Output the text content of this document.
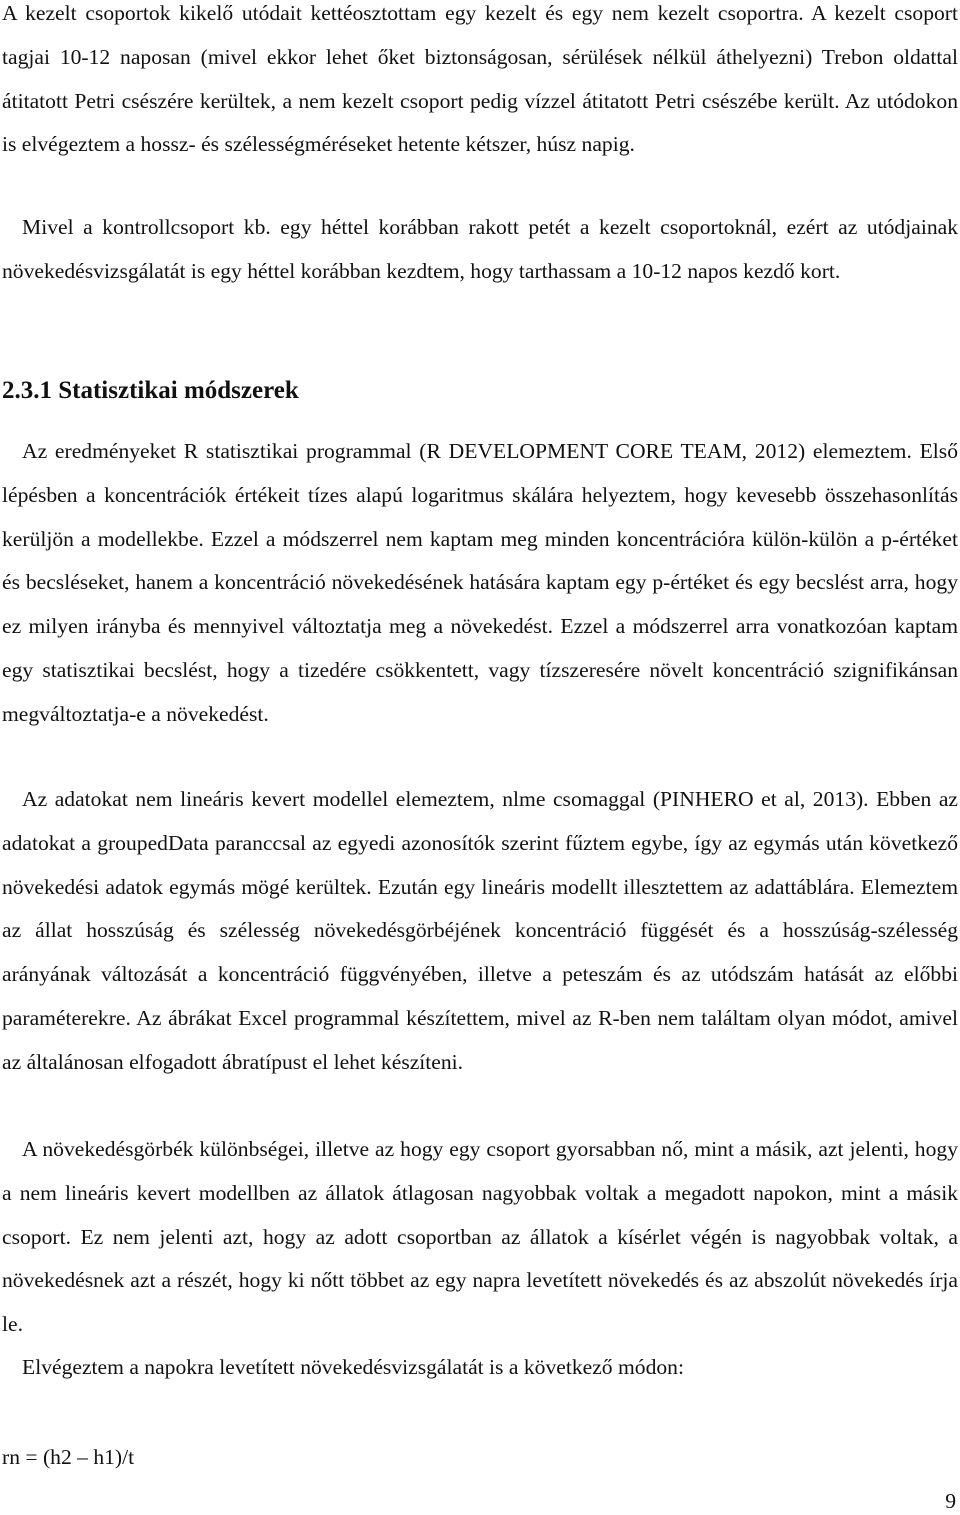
A kezelt csoportok kikelő utódait kettéosztottam egy kezelt és egy nem kezelt csoportra. A kezelt csoport tagjai 10-12 naposan (mivel ekkor lehet őket biztonságosan, sérülések nélkül áthelyezni) Trebon oldattal átitatott Petri csészére kerültek, a nem kezelt csoport pedig vízzel átitatott Petri csészébe került. Az utódokon is elvégeztem a hossz- és szélességméréseket hetente kétszer, húsz napig.

Mivel a kontrollcsoport kb. egy héttel korábban rakott petét a kezelt csoportoknál, ezért az utódjainak növekedésvizsgálatát is egy héttel korábban kezdtem, hogy tarthassam a 10-12 napos kezdő kort.

2.3.1 Statisztikai módszerek

Az eredményeket R statisztikai programmal (R DEVELOPMENT CORE TEAM, 2012) elemeztem. Első lépésben a koncentrációk értékeit tízes alapú logaritmus skálára helyeztem, hogy kevesebb összehasonlítás kerüljön a modellekbe. Ezzel a módszerrel nem kaptam meg minden koncentrációra külön-külön a p-értéket és becsléseket, hanem a koncentráció növekedésének hatására kaptam egy p-értéket és egy becslést arra, hogy ez milyen irányba és mennyivel változtatja meg a növekedést. Ezzel a módszerrel arra vonatkozóan kaptam egy statisztikai becslést, hogy a tizedére csökkentett, vagy tízszeresére növelt koncentráció szignifikánsan megváltoztatja-e a növekedést.

Az adatokat nem lineáris kevert modellel elemeztem, nlme csomaggal (PINHERO et al, 2013). Ebben az adatokat a groupedData paranccsal az egyedi azonosítók szerint fűztem egybe, így az egymás után következő növekedési adatok egymás mögé kerültek. Ezután egy lineáris modellt illesztettem az adattáblára. Elemeztem az állat hosszúság és szélesség növekedésgörbéjének koncentráció függését és a hosszúság-szélesség arányának változását a koncentráció függvényében, illetve a peteszám és az utódszám hatását az előbbi paraméterekre. Az ábrákat Excel programmal készítettem, mivel az R-ben nem találtam olyan módot, amivel az általánosan elfogadott ábratípust el lehet készíteni.

A növekedésgörbék különbségei, illetve az hogy egy csoport gyorsabban nő, mint a másik, azt jelenti, hogy a nem lineáris kevert modellben az állatok átlagosan nagyobbak voltak a megadott napokon, mint a másik csoport. Ez nem jelenti azt, hogy az adott csoportban az állatok a kísérlet végén is nagyobbak voltak, a növekedésnek azt a részét, hogy ki nőtt többet az egy napra levetített növekedés és az abszolút növekedés írja le.

Elvégeztem a napokra levetített növekedésvizsgálatát is a következő módon:

rn = (h2 – h1)/t

9
